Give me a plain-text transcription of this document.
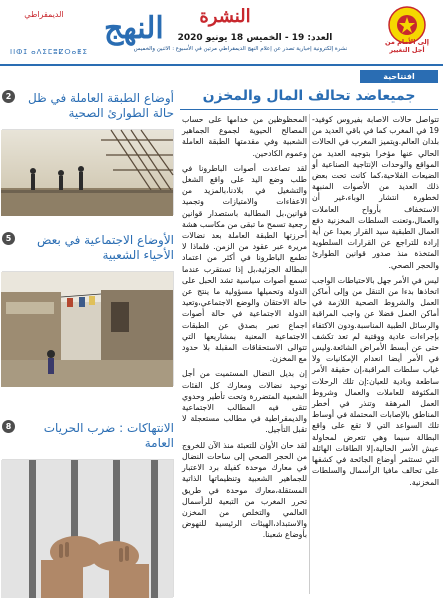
النهج
الديمقراطي
ⵏⵏⵀⵊ ⴰⴷⵉⵎⵓⵇⵔⴰⵟⵉ
النشرة
العدد: 19 - الخميس 18 يونيو 2020
نشرة إلكترونية إخبارية تصدر عن إعلام النهج الديمقراطي مرتين في الأسبوع : الاثنين والخميس
إلى الأمام من أجل التغيير
أوضاع الطبقة العاملة في ظل حالة الطوارئ الصحية
2
الأوضاع الاجتماعية في بعض الأحياء الشعبية
5
الانتهاكات : ضرب الحريات العامة
8
افتتاحية
جميعاضد تحالف المال والمخزن

تتواصل حالات الاصابة بفيروس كوفيد- 19 في المغرب كما في باقي العديد من بلدان العالم.ويتميز المغرب في الحالات الحالي عنها مؤخرا بتوجيه العديد من المواقع والوحدات الإنتاجية الصناعية أو الضيعات الفلاحية،كما كانت تحت بعض ذلك العديد من الأصوات المنبهة لخطورة انتشار الوباء،غير أن الاستخفاف بأرواح العاملات والعمال،وتعنت السلطات المخزنية دفع العمال الطبقية سيد القرار بعيدا عن أية إرادة للتراجع عن القرارات السلطوية المتخذة منذ صدور قوانين الطوارئ والحجر الصحي.

ليس في الأمر جهل بالاحتياطات الواجب اتخاذها بدءا من التنقل من وإلى أماكن العمل والشروط الصحية اللازمة في أماكن العمل فضلا عن واجب المراقبة والرسائل الطبية المناسبة.ودون الاكتفاء بإجراءات عادية ووقتية لم تعد تكشف حتى عن أبسط الأمراض الشائعة.وليس في الأمر أيضا انعدام الإمكانيات ولا غياب سلطات المراقبة،إن حقيقة الأمر ساطعة وبادية للعيان:إن تلك الرحلات المكثوفة للعاملات والعمال وشروط العمل المرهقة وتنذر في أخطر المناطق بالإصابات المحتملة في أوساط تلك السواعد التي لا تقع على واقع البطالة سيما وهي تتعرض لمحاولة عيش الأسر الحالية،إلا الطاقات الهائلة التي تستثمر أوضاع الجائحة في كشفها على تحالف مافيا الرأسمال والسلطات المخزنية.

المحظوظين من خدامها على حساب المصالح الحيوية لجموع الجماهير الشعبية وفي مقدمتها الطبقة العاملة وعموم الكادحين.

لقد تصاعدت أصوات الباطرونا في طلب وضع اليد على واقع الشغل والتشغيل في بلادنا،بالمزيد من الاعفاءات والامتيازات وتجميد قوانين،بل المطالبة باستصدار قوانين رجعية تسمح ما تبقى من مكاسب هشة أحرزتها الطبقة العاملة بعد نضالات مريرة عبر عقود من الزمن. فلماذا لا تطمع الباطرونا في أكثر من اعتماد البطالة الجزئية،بل إذا تستقرب عندما تسمع أصوات سياسية تشد الحبل على الدولة وتحميلها مسؤولية ما ينتج عن حالة الاحتقان والوضع الاجتماعي،وتعيد الدولة الاجتماعية في حالة أصوات اجماع تعبر بصدق عن الطبقات الاجتماعية المعنية بمشاريعها التي تتوالى الاستحقاقات المقبلة بلا حدود مع المخزن.

إن بديل النضال المستميت من أجل توحيد نضالات ومعارك كل الفئات الشعبية المتضررة وتحت تأطير وحدوي تتقى فيه المطالب الاجتماعية والديمقراطية في مطالب مستعجلة لا تقبل التأجيل.

لقد حان الأوان للتعبئة منذ الآن للخروج من الحجر الصحي إلى ساحات النضال في معارك موحدة كفيلة برد الاعتبار للجماهير الشعبية وتنظيماتها الذاتية المستقلة،معارك موحدة في طريق تحرر المغرب من التبعية للرأسمال العالمي والتخلص من المخزن والاستبداد،الهيئات الرئيسية للنهوض بأوضاع شعبنا.
